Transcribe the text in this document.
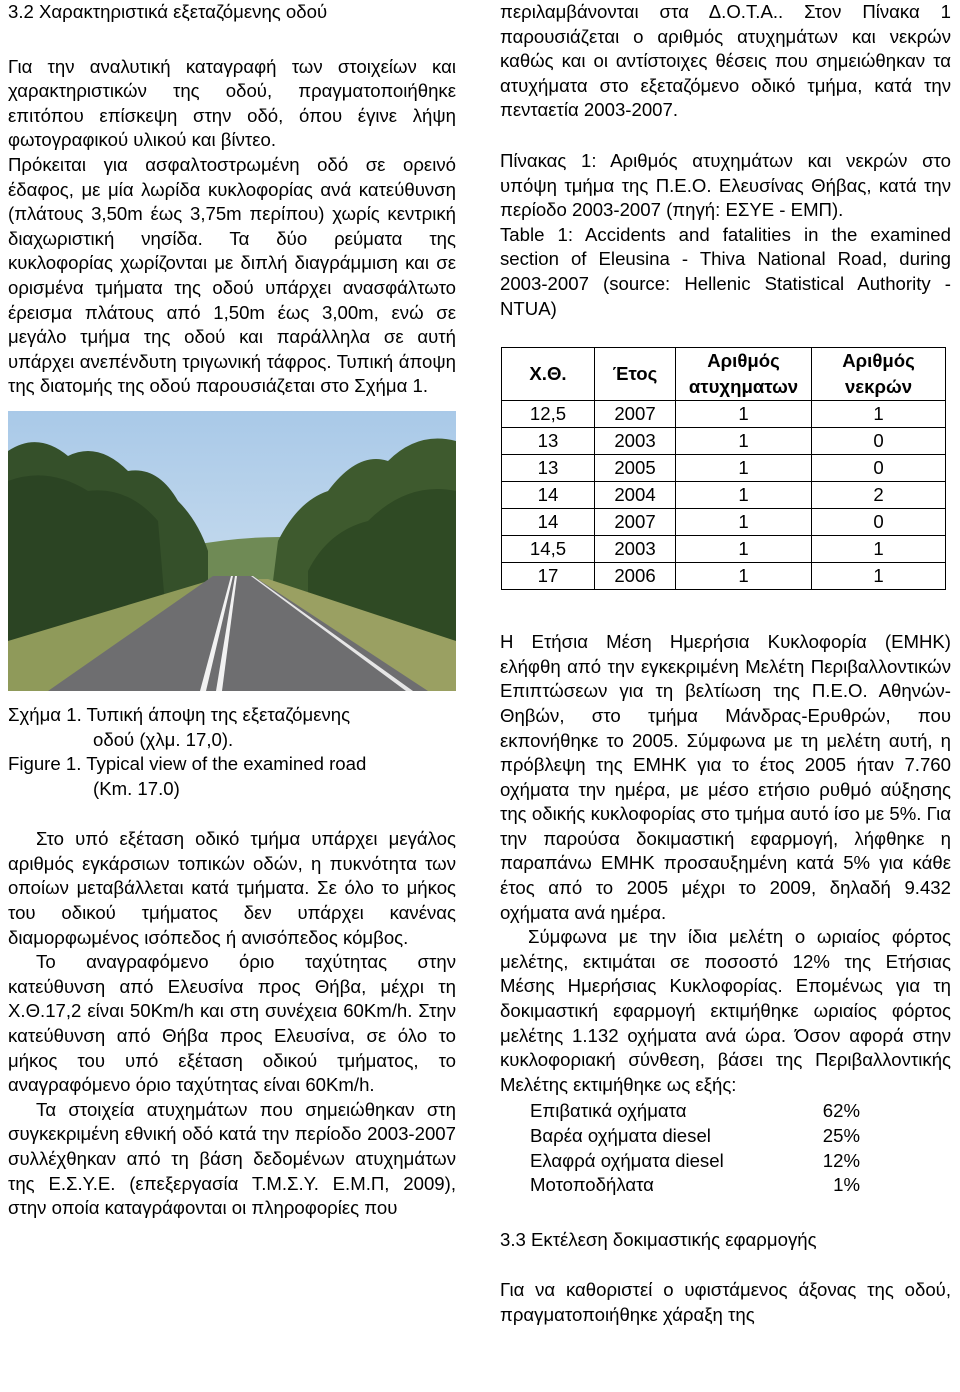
3.2 Χαρακτηριστικά εξεταζόμενης οδού

Για την αναλυτική καταγραφή των στοιχείων και χαρακτηριστικών της οδού, πραγματοποιήθηκε επιτόπου επίσκεψη στην οδό, όπου έγινε λήψη φωτογραφικού υλικού και βίντεο.

Πρόκειται για ασφαλτοστρωμένη οδό σε ορεινό έδαφος, με μία λωρίδα κυκλοφορίας ανά κατεύθυνση (πλάτους 3,50m έως 3,75m περίπου) χωρίς κεντρική διαχωριστική νησίδα. Τα δύο ρεύματα της κυκλοφορίας χωρίζονται με διπλή διαγράμμιση και σε ορισμένα τμήματα της οδού υπάρχει ανασφάλτωτο έρεισμα πλάτους από 1,50m έως 3,00m, ενώ σε μεγάλο τμήμα της οδού και παράλληλα σε αυτή υπάρχει ανεπένδυτη τριγωνική τάφρος. Τυπική άποψη της διατομής της οδού παρουσιάζεται στο Σχήμα 1.

Σχήμα 1. Τυπική άποψη της εξεταζόμενης
οδού (χλμ. 17,0).
Figure 1. Typical view of the examined road
(Km. 17.0)

Στο υπό εξέταση οδικό τμήμα υπάρχει μεγάλος αριθμός εγκάρσιων τοπικών οδών, η πυκνότητα των οποίων μεταβάλλεται κατά τμήματα. Σε όλο το μήκος του οδικού τμήματος δεν υπάρχει κανένας διαμορφωμένος ισόπεδος ή ανισόπεδος κόμβος.

Το αναγραφόμενο όριο ταχύτητας στην κατεύθυνση από Ελευσίνα προς Θήβα, μέχρι τη Χ.Θ.17,2 είναι 50Km/h και στη συνέχεια 60Km/h. Στην κατεύθυνση από Θήβα προς Ελευσίνα, σε όλο το μήκος του υπό εξέταση οδικού τμήματος, το αναγραφόμενο όριο ταχύτητας είναι 60Km/h.

Τα στοιχεία ατυχημάτων που σημειώθηκαν στη συγκεκριμένη εθνική οδό κατά την περίοδο 2003-2007 συλλέχθηκαν από τη βάση δεδομένων ατυχημάτων της Ε.Σ.Υ.Ε. (επεξεργασία Τ.Μ.Σ.Υ. Ε.Μ.Π, 2009), στην οποία καταγράφονται οι πληροφορίες που

περιλαμβάνονται στα Δ.Ο.Τ.Α.. Στον Πίνακα 1 παρουσιάζεται ο αριθμός ατυχημάτων και νεκρών καθώς και οι αντίστοιχες θέσεις που σημειώθηκαν τα ατυχήματα στο εξεταζόμενο οδικό τμήμα, κατά την πενταετία 2003-2007.

Πίνακας 1: Αριθμός ατυχημάτων και νεκρών στο υπόψη τμήμα της Π.Ε.Ο. Ελευσίνας Θήβας, κατά την περίοδο 2003-2007 (πηγή: ΕΣΥΕ - ΕΜΠ).

Table 1: Accidents and fatalities in the examined section of Eleusina - Thiva National Road, during 2003-2007 (source: Hellenic Statistical Authority - NTUA)

Χ.Θ.	Έτος	Αριθμός ατυχηματων	Αριθμός νεκρών
12,5	2007	1	1
13	2003	1	0
13	2005	1	0
14	2004	1	2
14	2007	1	0
14,5	2003	1	1
17	2006	1	1

Η Ετήσια Μέση Ημερήσια Κυκλοφορία (ΕΜΗΚ) ελήφθη από την εγκεκριμένη Μελέτη Περιβαλλοντικών Επιπτώσεων για τη βελτίωση της Π.Ε.Ο. Αθηνών-Θηβών, στο τμήμα Μάνδρας-Ερυθρών, που εκπονήθηκε το 2005. Σύμφωνα με τη μελέτη αυτή, η πρόβλεψη της ΕΜΗΚ για το έτος 2005 ήταν 7.760 οχήματα την ημέρα, με μέσο ετήσιο ρυθμό αύξησης της οδικής κυκλοφορίας στο τμήμα αυτό ίσο με 5%. Για την παρούσα δοκιμαστική εφαρμογή, λήφθηκε η παραπάνω ΕΜΗΚ προσαυξημένη κατά 5% για κάθε έτος από το 2005 μέχρι το 2009, δηλαδή 9.432 οχήματα ανά ημέρα.

Σύμφωνα με την ίδια μελέτη ο ωριαίος φόρτος μελέτης, εκτιμάται σε ποσοστό 12% της Ετήσιας Μέσης Ημερήσιας Κυκλοφορίας. Επομένως για τη δοκιμαστική εφαρμογή εκτιμήθηκε ωριαίος φόρτος μελέτης 1.132 οχήματα ανά ώρα. Όσον αφορά στην κυκλοφοριακή σύνθεση, βάσει της Περιβαλλοντικής Μελέτης εκτιμήθηκε ως εξής:

Επιβατικά οχήματα	62%
Βαρέα οχήματα diesel	25%
Ελαφρά οχήματα diesel	12%
Μοτοποδήλατα	1%
3.3 Εκτέλεση δοκιμαστικής εφαρμογής

Για να καθοριστεί ο υφιστάμενος άξονας της οδού, πραγματοποιήθηκε χάραξη της
